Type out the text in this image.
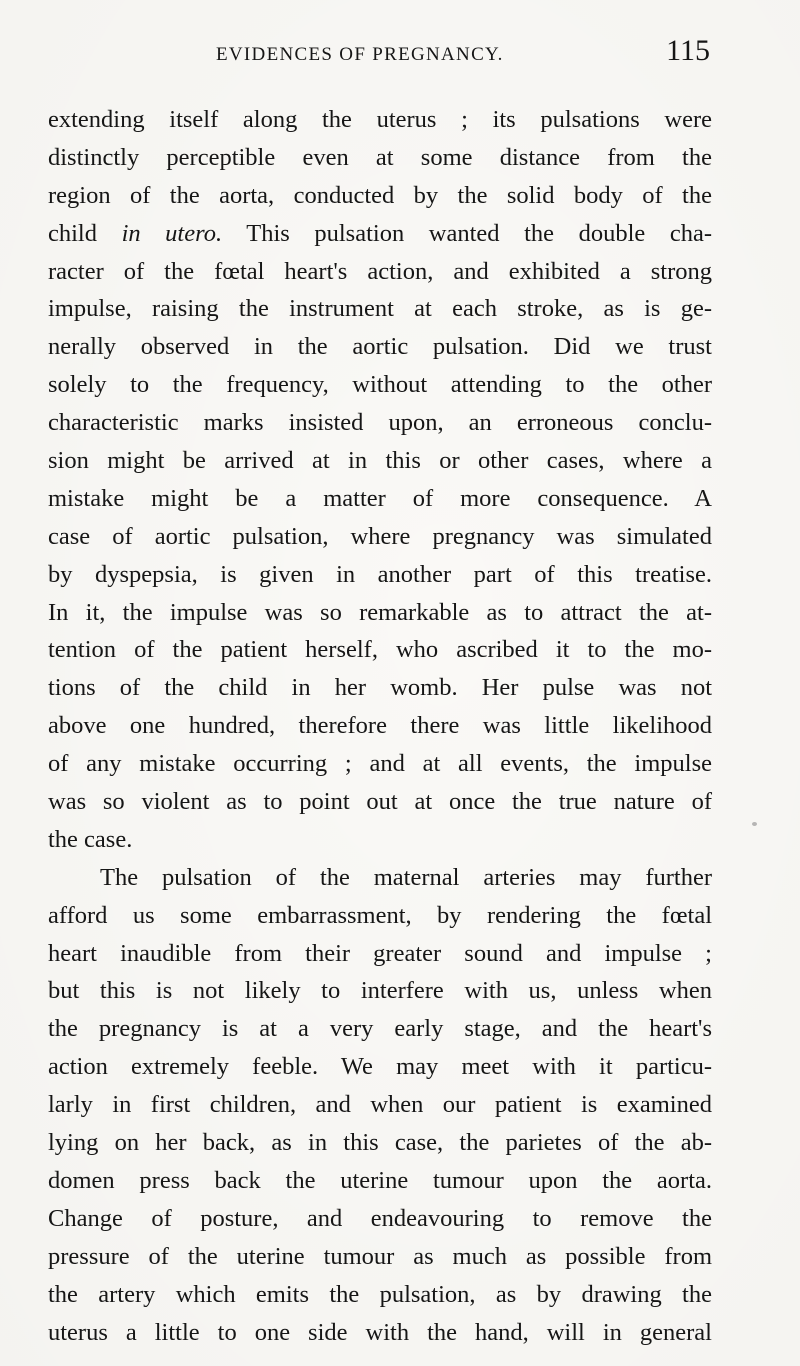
EVIDENCES OF PREGNANCY.	115
extending itself along the uterus ; its pulsations were
distinctly perceptible even at some distance from the
region of the aorta, conducted by the solid body of the
child in utero. This pulsation wanted the double cha-
racter of the fœtal heart's action, and exhibited a strong
impulse, raising the instrument at each stroke, as is ge-
nerally observed in the aortic pulsation. Did we trust
solely to the frequency, without attending to the other
characteristic marks insisted upon, an erroneous conclu-
sion might be arrived at in this or other cases, where a
mistake might be a matter of more consequence. A
case of aortic pulsation, where pregnancy was simulated
by dyspepsia, is given in another part of this treatise.
In it, the impulse was so remarkable as to attract the at-
tention of the patient herself, who ascribed it to the mo-
tions of the child in her womb. Her pulse was not
above one hundred, therefore there was little likelihood
of any mistake occurring ; and at all events, the impulse
was so violent as to point out at once the true nature of
the case.
The pulsation of the maternal arteries may further
afford us some embarrassment, by rendering the fœtal
heart inaudible from their greater sound and impulse ;
but this is not likely to interfere with us, unless when
the pregnancy is at a very early stage, and the heart's
action extremely feeble. We may meet with it particu-
larly in first children, and when our patient is examined
lying on her back, as in this case, the parietes of the ab-
domen press back the uterine tumour upon the aorta.
Change of posture, and endeavouring to remove the
pressure of the uterine tumour as much as possible from
the artery which emits the pulsation, as by drawing the
uterus a little to one side with the hand, will in general
